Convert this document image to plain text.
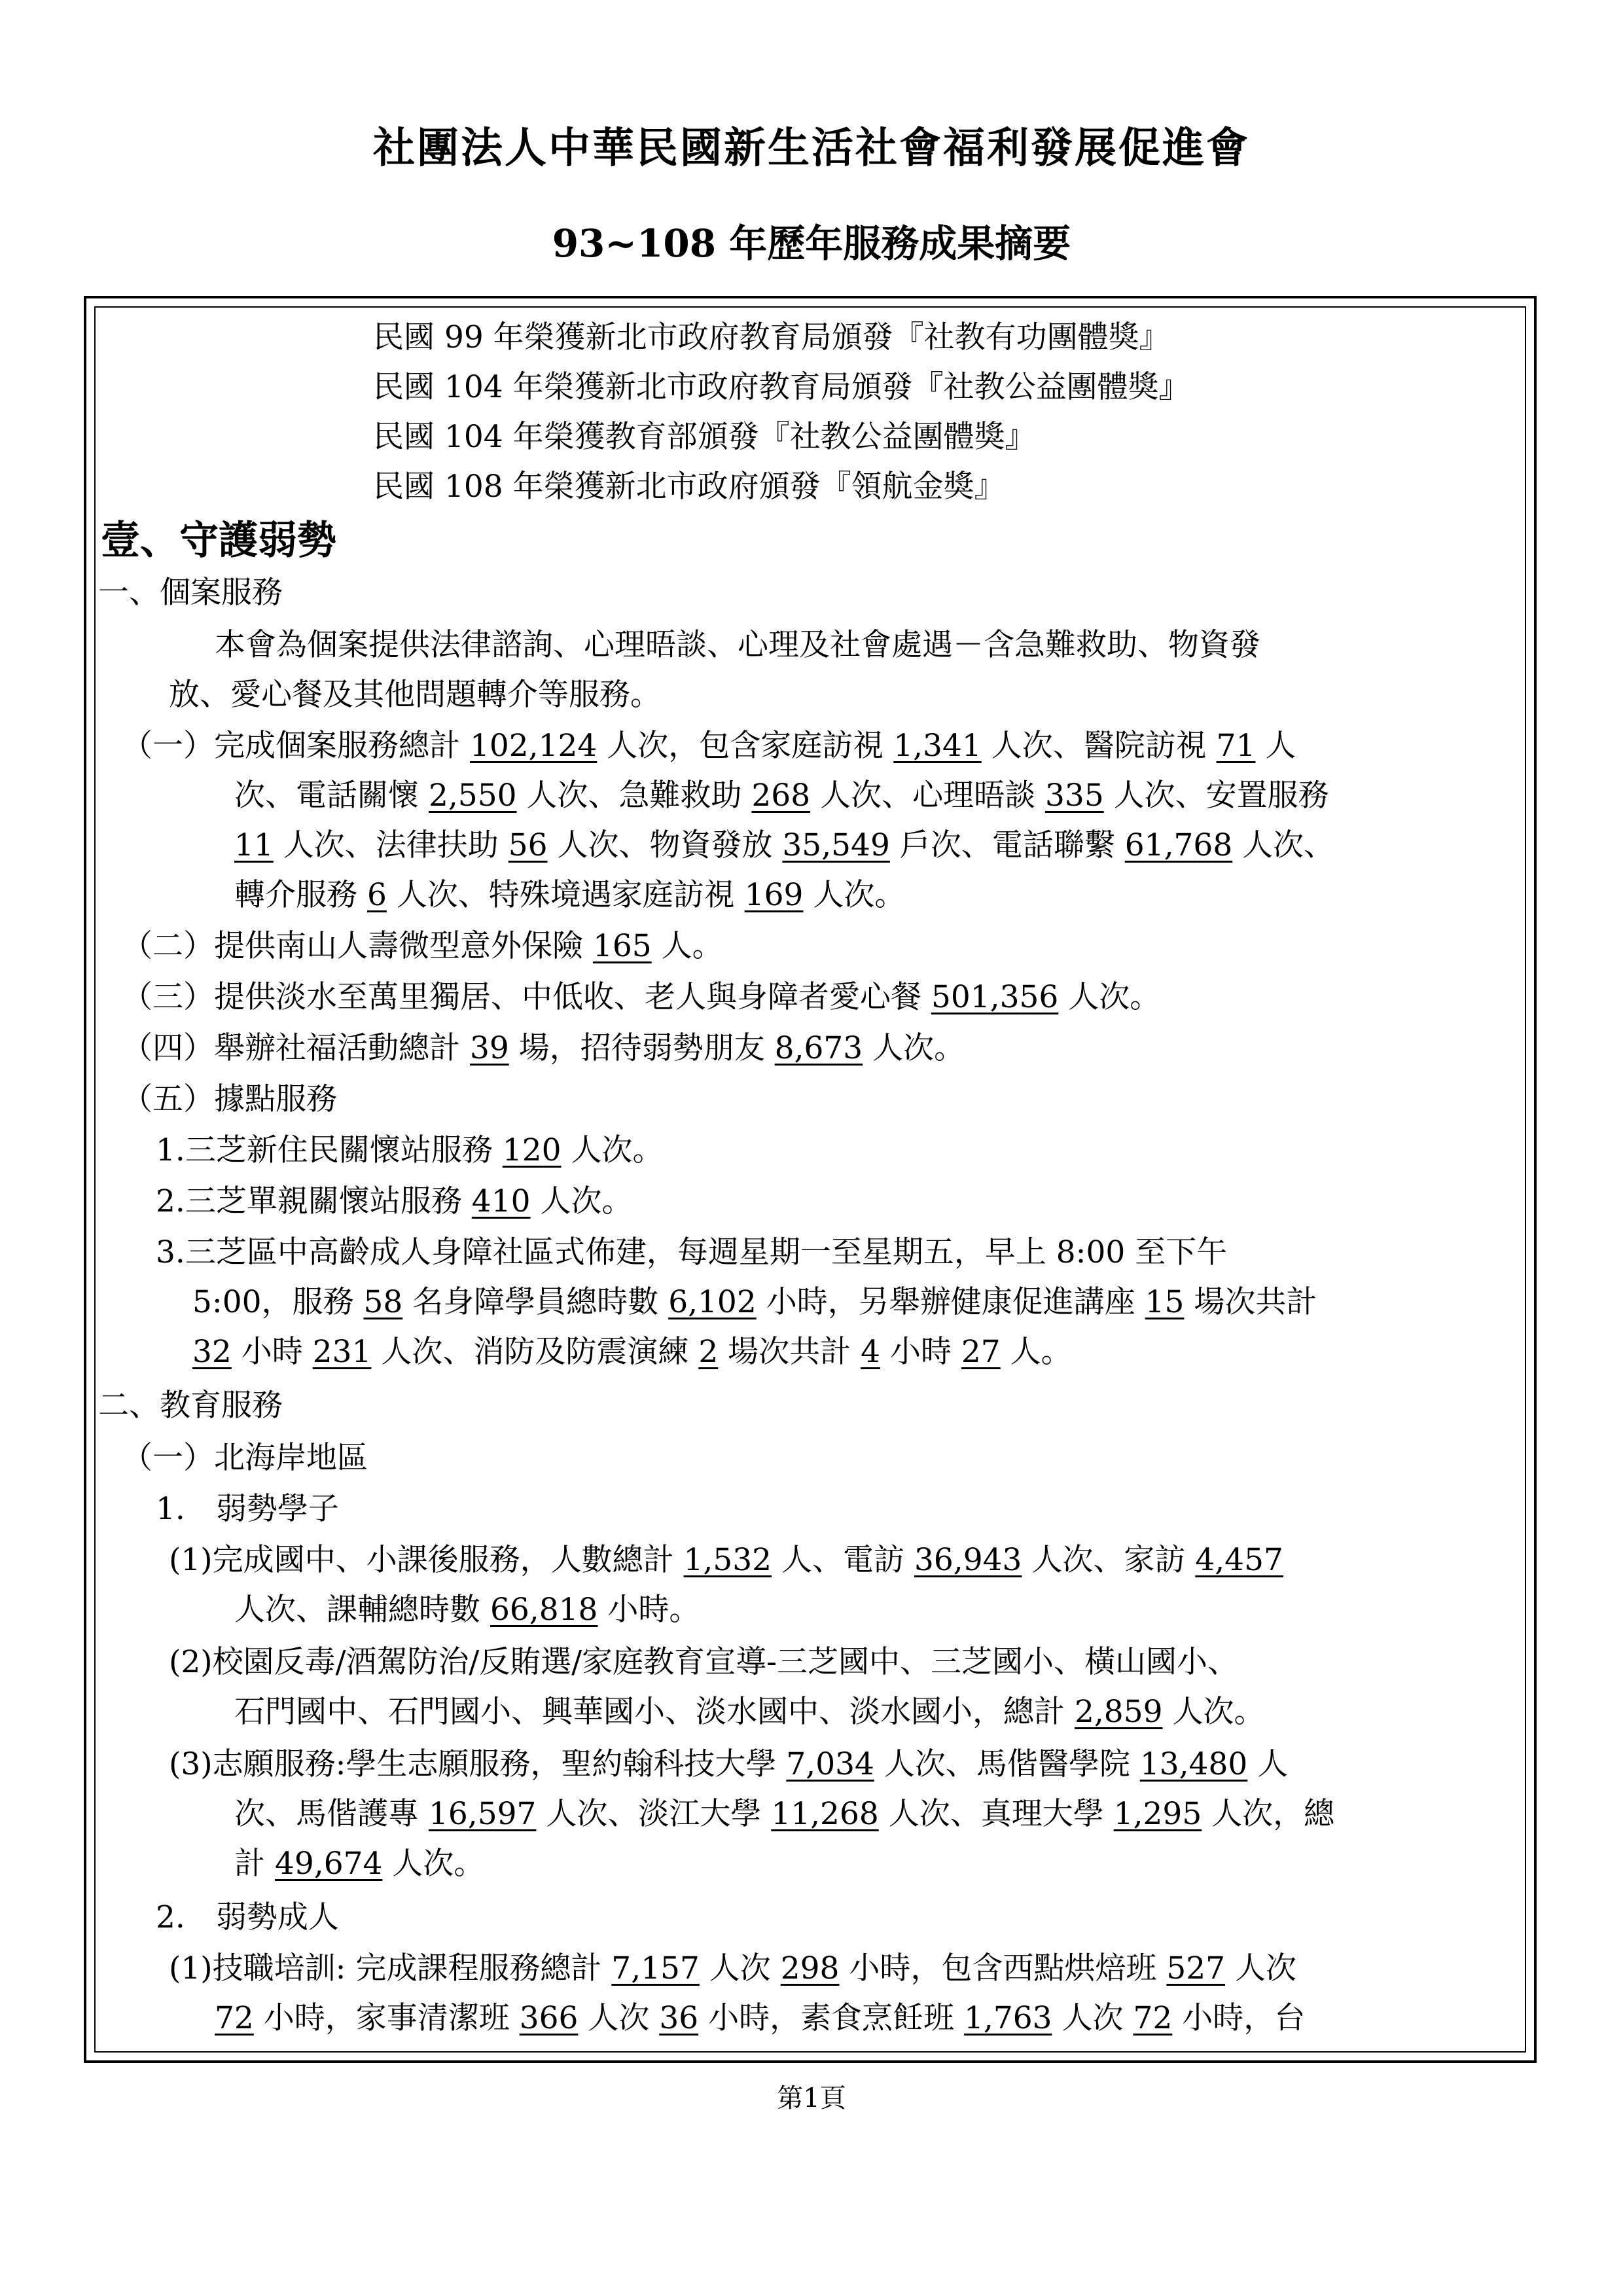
社團法人中華民國新生活社會福利發展促進會
93~108 年歷年服務成果摘要
民國 99 年榮獲新北市政府教育局頒發『社教有功團體獎』
民國 104 年榮獲新北市政府教育局頒發『社教公益團體獎』
民國 104 年榮獲教育部頒發『社教公益團體獎』
民國 108 年榮獲新北市政府頒發『領航金獎』
壹、守護弱勢
一、個案服務
本會為個案提供法律諮詢、心理晤談、心理及社會處遇－含急難救助、物資發
放、愛心餐及其他問題轉介等服務。
（一）完成個案服務總計 102,124 人次，包含家庭訪視 1,341 人次、醫院訪視 71 人
次、電話關懷 2,550 人次、急難救助 268 人次、心理晤談 335 人次、安置服務
11 人次、法律扶助 56 人次、物資發放 35,549 戶次、電話聯繫 61,768 人次、
轉介服務 6 人次、特殊境遇家庭訪視 169 人次。
（二）提供南山人壽微型意外保險 165 人。
（三）提供淡水至萬里獨居、中低收、老人與身障者愛心餐 501,356 人次。
（四）舉辦社福活動總計 39 場，招待弱勢朋友 8,673 人次。
（五）據點服務
1.三芝新住民關懷站服務 120 人次。
2.三芝單親關懷站服務 410 人次。
3.三芝區中高齡成人身障社區式佈建，每週星期一至星期五，早上 8:00 至下午
5:00，服務 58 名身障學員總時數 6,102 小時，另舉辦健康促進講座 15 場次共計
32 小時 231 人次、消防及防震演練 2 場次共計 4 小時 27 人。
二、教育服務
（一）北海岸地區
1.　弱勢學子
(1)完成國中、小課後服務，人數總計 1,532 人、電訪 36,943 人次、家訪 4,457
人次、課輔總時數 66,818 小時。
(2)校園反毒/酒駕防治/反賄選/家庭教育宣導-三芝國中、三芝國小、橫山國小、
石門國中、石門國小、興華國小、淡水國中、淡水國小，總計 2,859 人次。
(3)志願服務:學生志願服務，聖約翰科技大學 7,034 人次、馬偕醫學院 13,480 人
次、馬偕護專 16,597 人次、淡江大學 11,268 人次、真理大學 1,295 人次，總
計 49,674 人次。
2.　弱勢成人
(1)技職培訓: 完成課程服務總計 7,157 人次 298 小時，包含西點烘焙班 527 人次
72 小時，家事清潔班 366 人次 36 小時，素食烹飪班 1,763 人次 72 小時，台
第1頁
